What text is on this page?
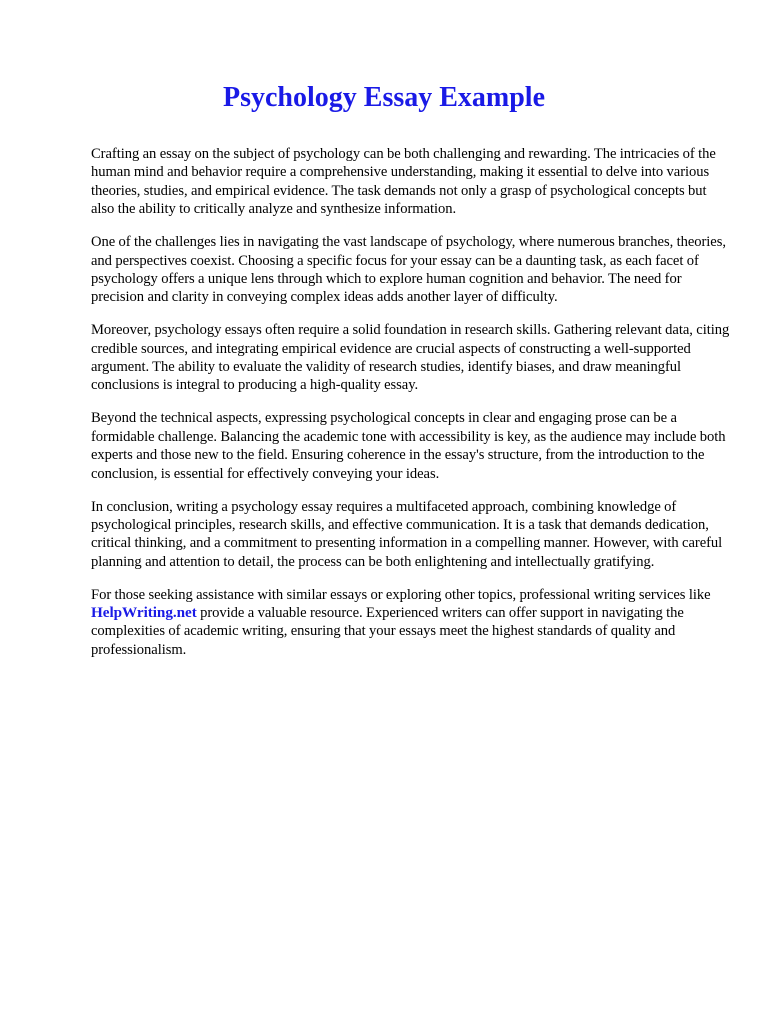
Psychology Essay Example

Crafting an essay on the subject of psychology can be both challenging and rewarding. The intricacies of the human mind and behavior require a comprehensive understanding, making it essential to delve into various theories, studies, and empirical evidence. The task demands not only a grasp of psychological concepts but also the ability to critically analyze and synthesize information.

One of the challenges lies in navigating the vast landscape of psychology, where numerous branches, theories, and perspectives coexist. Choosing a specific focus for your essay can be a daunting task, as each facet of psychology offers a unique lens through which to explore human cognition and behavior. The need for precision and clarity in conveying complex ideas adds another layer of difficulty.

Moreover, psychology essays often require a solid foundation in research skills. Gathering relevant data, citing credible sources, and integrating empirical evidence are crucial aspects of constructing a well-supported argument. The ability to evaluate the validity of research studies, identify biases, and draw meaningful conclusions is integral to producing a high-quality essay.

Beyond the technical aspects, expressing psychological concepts in clear and engaging prose can be a formidable challenge. Balancing the academic tone with accessibility is key, as the audience may include both experts and those new to the field. Ensuring coherence in the essay's structure, from the introduction to the conclusion, is essential for effectively conveying your ideas.

In conclusion, writing a psychology essay requires a multifaceted approach, combining knowledge of psychological principles, research skills, and effective communication. It is a task that demands dedication, critical thinking, and a commitment to presenting information in a compelling manner. However, with careful planning and attention to detail, the process can be both enlightening and intellectually gratifying.

For those seeking assistance with similar essays or exploring other topics, professional writing services like HelpWriting.net provide a valuable resource. Experienced writers can offer support in navigating the complexities of academic writing, ensuring that your essays meet the highest standards of quality and professionalism.
